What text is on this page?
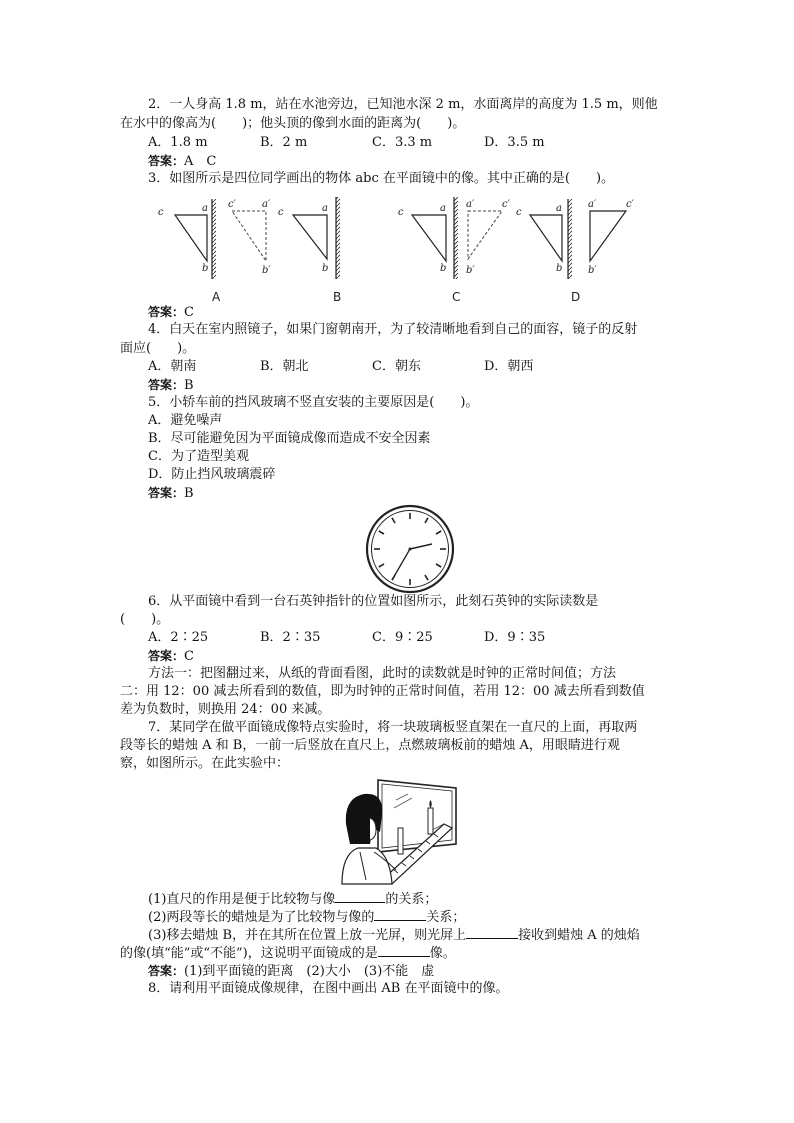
2．一人身高 1.8 m，站在水池旁边，已知池水深 2 m，水面离岸的高度为 1.5 m，则他
在水中的像高为(　　)；他头顶的像到水面的距离为(　　)。
A．1.8 m	B．2 m	C．3.3 m	D．3.5 m
答案：A　C
3．如图所示是四位同学画出的物体 abc 在平面镜中的像。其中正确的是(　　)。
c	a
b
c′	a′
b′
c	a
b
c	a
b
a′	c′
b′
c	a
b
a′	c′
b′
A	B	C	D
答案：C
4．白天在室内照镜子，如果门窗朝南开，为了较清晰地看到自己的面容，镜子的反射
面应(　　)。
A．朝南	B．朝北	C．朝东	D．朝西
答案：B
5．小轿车前的挡风玻璃不竖直安装的主要原因是(　　)。
A．避免噪声
B．尽可能避免因为平面镜成像而造成不安全因素
C．为了造型美观
D．防止挡风玻璃震碎
答案：B
6．从平面镜中看到一台石英钟指针的位置如图所示，此刻石英钟的实际读数是
(　　)。
A．2∶25	B．2∶35	C．9∶25	D．9∶35
答案：C
方法一：把图翻过来，从纸的背面看图，此时的读数就是时钟的正常时间值；方法
二：用 12：00 减去所看到的数值，即为时钟的正常时间值，若用 12：00 减去所看到数值
差为负数时，则换用 24：00 来减。
7．某同学在做平面镜成像特点实验时，将一块玻璃板竖直架在一直尺的上面，再取两
段等长的蜡烛 A 和 B，一前一后竖放在直尺上，点燃玻璃板前的蜡烛 A，用眼睛进行观
察，如图所示。在此实验中：
(1)直尺的作用是便于比较物与像	的关系；
(2)两段等长的蜡烛是为了比较物与像的	关系；
(3)移去蜡烛 B，并在其所在位置上放一光屏，则光屏上	接收到蜡烛 A 的烛焰
的像(填“能”或“不能”)，这说明平面镜成的是	像。
答案：(1)到平面镜的距离　(2)大小　(3)不能　虚
8．请利用平面镜成像规律，在图中画出 AB 在平面镜中的像。
